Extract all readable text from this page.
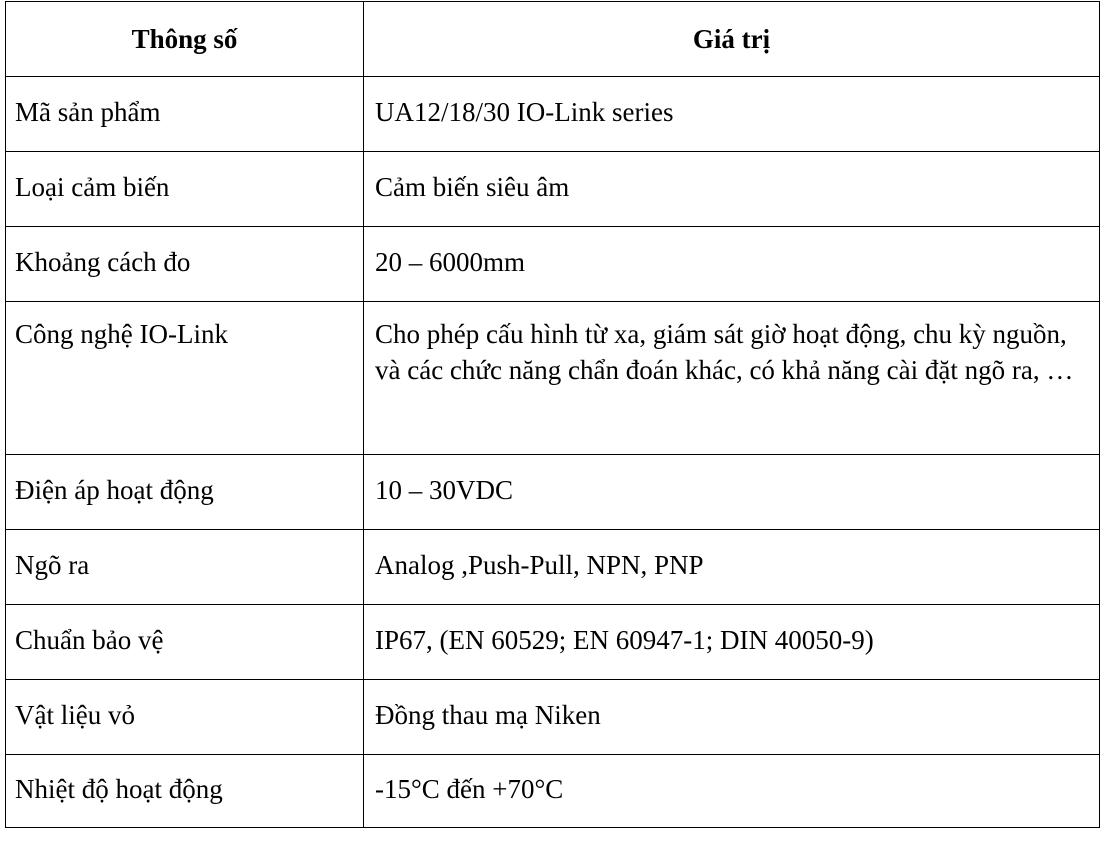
Thông số	Giá trị
Mã sản phẩm	UA12/18/30 IO-Link series
Loại cảm biến	Cảm biến siêu âm
Khoảng cách đo	20 – 6000mm
Công nghệ IO-Link	Cho phép cấu hình từ xa, giám sát giờ hoạt động, chu kỳ nguồn, và các chức năng chẩn đoán khác, có khả năng cài đặt ngõ ra, …
Điện áp hoạt động	10 – 30VDC
Ngõ ra	Analog ,Push-Pull, NPN, PNP
Chuẩn bảo vệ	IP67, (EN 60529; EN 60947-1; DIN 40050-9)
Vật liệu vỏ	Đồng thau mạ Niken
Nhiệt độ hoạt động	-15°C đến +70°C
